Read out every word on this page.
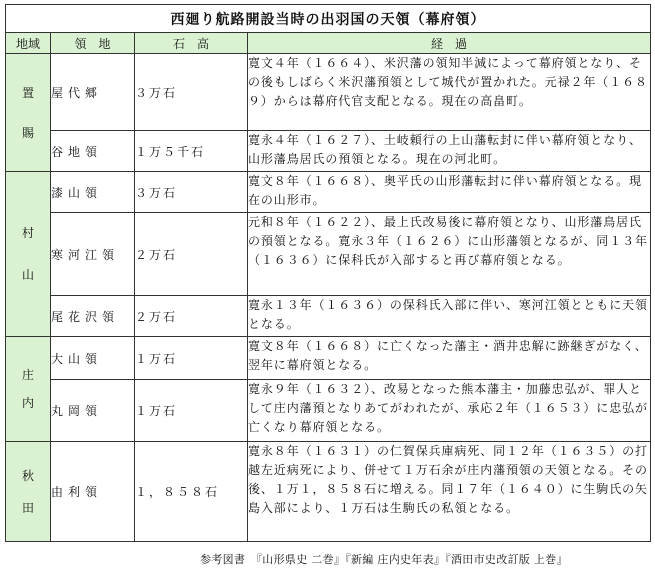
西廻り航路開設当時の出羽国の天領（幕府領）			
地域	領　地	石　高	経　過

置
賜	屋代郷	３万石	寛文４年（１６６４）、米沢藩の領知半減によって幕府領となり、その後もしばらく米沢藩預領として城代が置かれた。元禄２年（１６８９）からは幕府代官支配となる。現在の高畠町。
	谷地領	１万５千石	寛永４年（１６２７）、土岐頼行の上山藩転封に伴い幕府領となり、山形藩鳥居氏の預領となる。現在の河北町。

村
山	漆山領	３万石	寛文８年（１６６８）、奥平氏の山形藩転封に伴い幕府領となる。現在の山形市。
	寒河江領	２万石	元和８年（１６２２）、最上氏改易後に幕府領となり、山形藩鳥居氏の預領となる。寛永３年（１６２６）に山形藩領となるが、同１３年（１６３６）に保科氏が入部すると再び幕府領となる。
	尾花沢領	２万石	寛永１３年（１６３６）の保科氏入部に伴い、寒河江領とともに天領となる。

庄
内	大山領	１万石	寛文８年（１６６８）に亡くなった藩主・酒井忠解に跡継ぎがなく、翌年に幕府領となる。
	丸岡領	１万石	寛永９年（１６３２）、改易となった熊本藩主・加藤忠弘が、罪人として庄内藩預となりあてがわれたが、承応２年（１６５３）に忠弘が亡くなり幕府領となる。

秋
田	由利領	１，８５８石	寛永８年（１６３１）の仁賀保兵庫病死、同１２年（１６３５）の打越左近病死により、併せて１万石余が庄内藩預領の天領となる。その後、１万１，８５８石に増える。同１７年（１６４０）に生駒氏の矢島入部により、１万石は生駒氏の私領となる。
参考図書　『山形県史 二巻』『新編 庄内史年表』『酒田市史改訂版 上巻』
